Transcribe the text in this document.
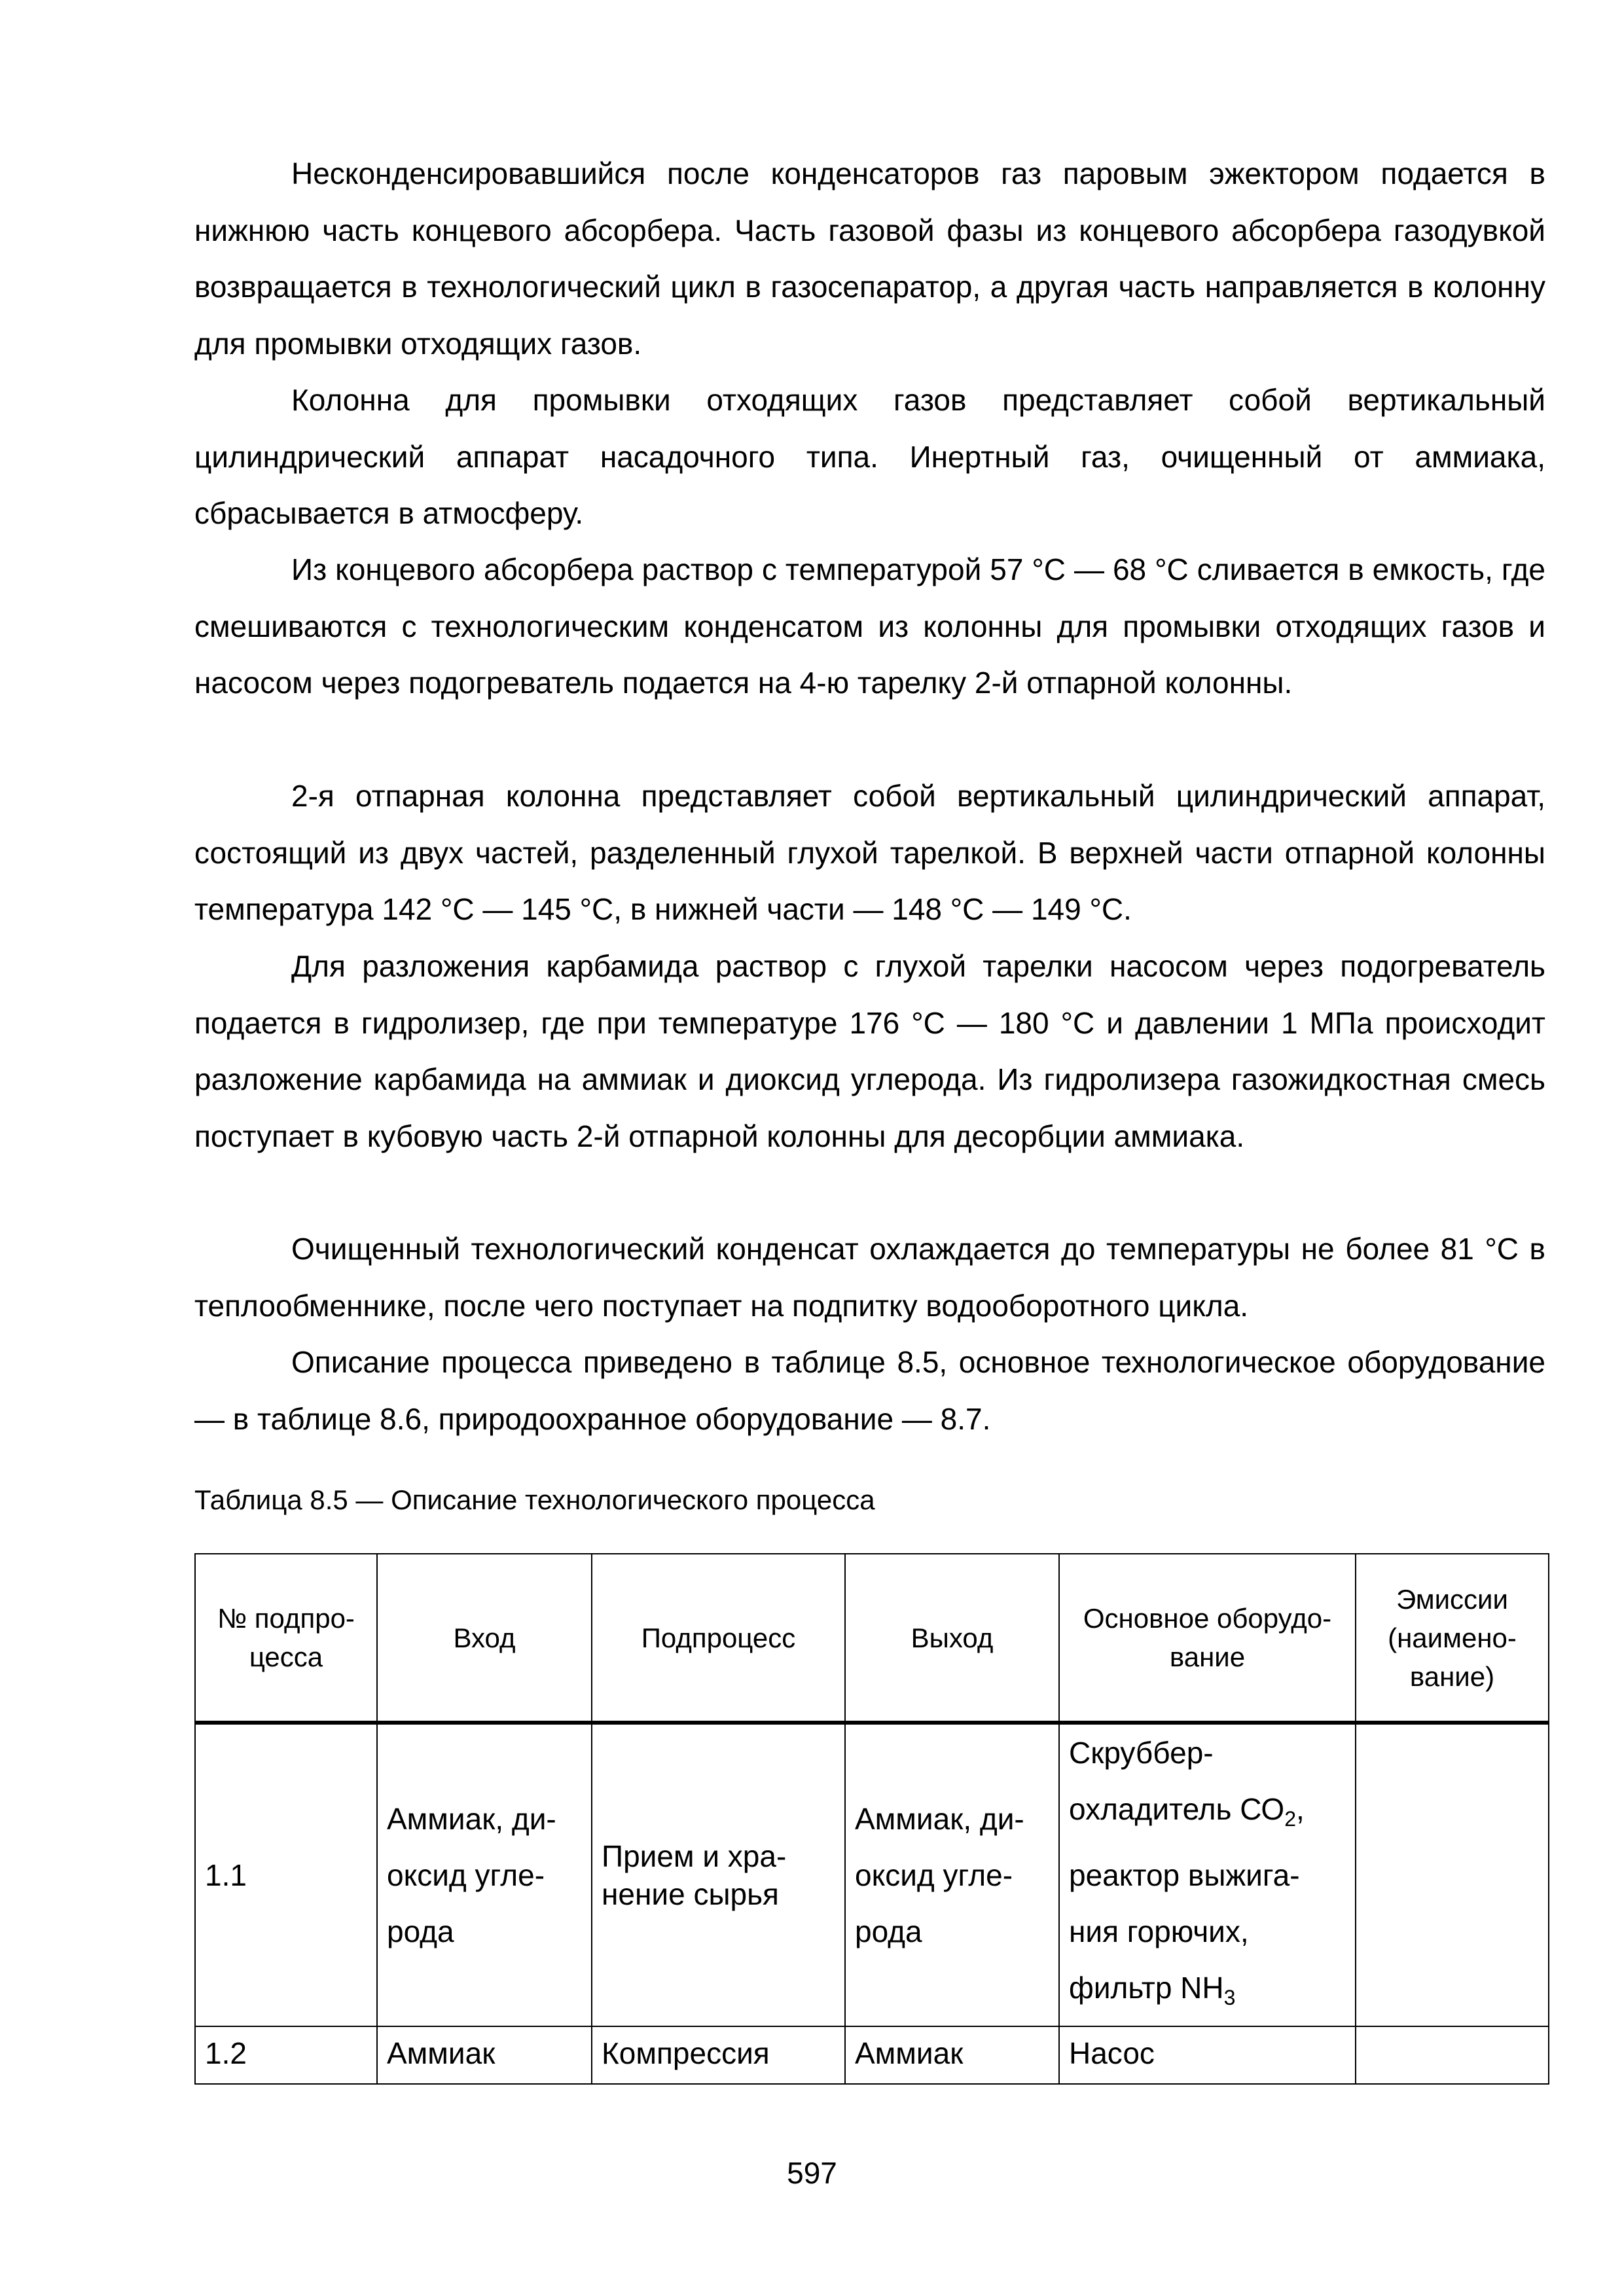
Несконденсировавшийся после конденсаторов газ паровым эжектором подается в нижнюю часть концевого абсорбера. Часть газовой фазы из концевого абсорбера газодувкой возвращается в технологический цикл в газосепаратор, а другая часть направляется в колонну для промывки отходящих газов.

Колонна для промывки отходящих газов представляет собой вертикальный цилиндрический аппарат насадочного типа. Инертный газ, очищенный от аммиака, сбрасывается в атмосферу.

Из концевого абсорбера раствор с температурой 57 °С — 68 °С сливается в емкость, где смешиваются с технологическим конденсатом из колонны для промывки отходящих газов и насосом через подогреватель подается на 4-ю тарелку 2-й отпарной колонны.

2-я отпарная колонна представляет собой вертикальный цилиндрический аппарат, состоящий из двух частей, разделенный глухой тарелкой. В верхней части отпарной колонны температура 142 °С — 145 °С, в нижней части — 148 °С — 149 °С.

Для разложения карбамида раствор с глухой тарелки насосом через подогреватель подается в гидролизер, где при температуре 176 °С — 180 °С и давлении 1 МПа происходит разложение карбамида на аммиак и диоксид углерода. Из гидролизера газожидкостная смесь поступает в кубовую часть 2-й отпарной колонны для десорбции аммиака.

Очищенный технологический конденсат охлаждается до температуры не более 81 °С в теплообменнике, после чего поступает на подпитку водооборотного цикла.

Описание процесса приведено в таблице 8.5, основное технологическое оборудование — в таблице 8.6, природоохранное оборудование — 8.7.

Таблица 8.5 — Описание технологического процесса

№ подпро-
цесса	Вход	Подпроцесс	Выход	Основное оборудо-
вание	Эмиссии
(наимено-
вание)

1.1	Аммиак, ди-
оксид угле-
рода	Прием и хра-
нение сырья	Аммиак, ди-
оксид угле-
рода	Скруббер-
охладитель $СО_2$,
реактор выжига-
ния горючих,
фильтр $NH_3$

1.2	Аммиак	Компрессия	Аммиак	Насос	
597
